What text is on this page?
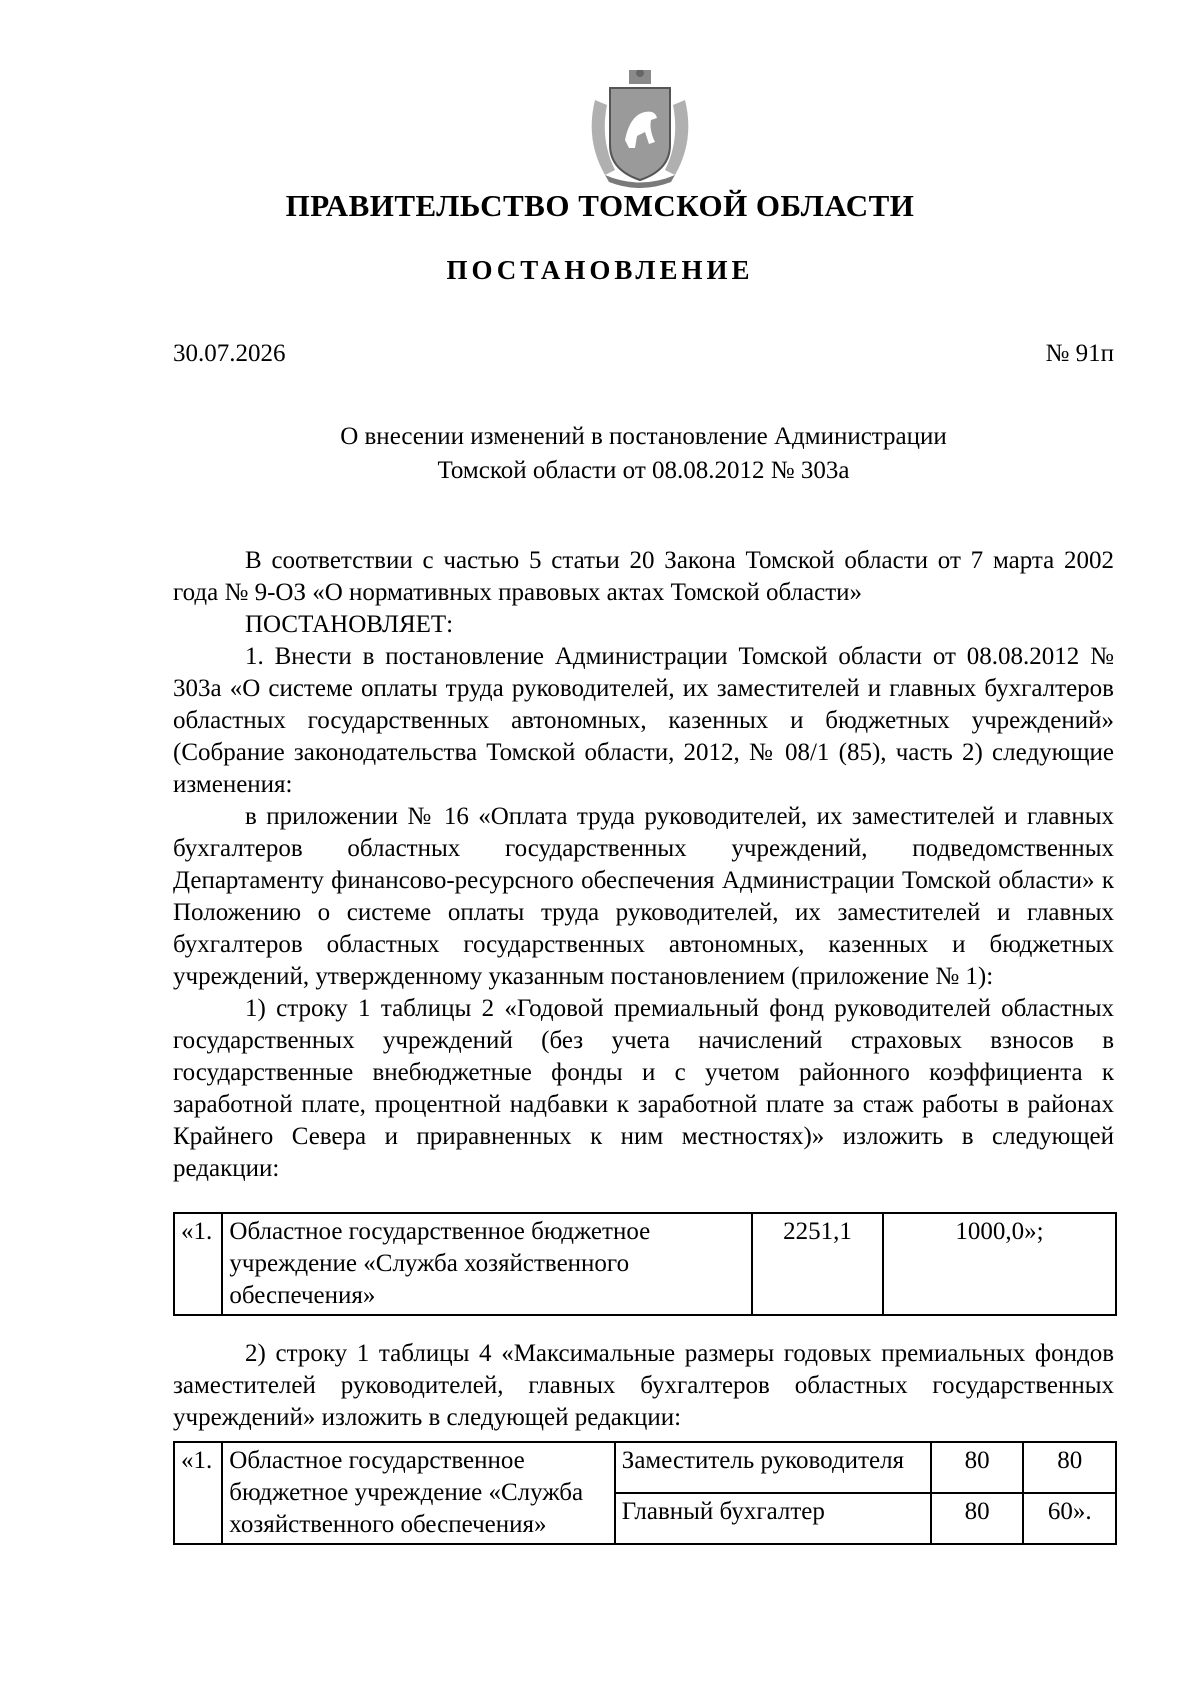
ПРАВИТЕЛЬСТВО ТОМСКОЙ ОБЛАСТИ
ПОСТАНОВЛЕНИЕ
30.07.2026	№ 91п
О внесении изменений в постановление Администрации
Томской области от 08.08.2012 № 303а

В соответствии с частью 5 статьи 20 Закона Томской области от 7 марта 2002 года № 9-ОЗ «О нормативных правовых актах Томской области»

ПОСТАНОВЛЯЕТ:

1. Внести в постановление Администрации Томской области от 08.08.2012 № 303а «О системе оплаты труда руководителей, их заместителей и главных бухгалтеров областных государственных автономных, казенных и бюджетных учреждений» (Собрание законодательства Томской области, 2012, № 08/1 (85), часть 2) следующие изменения:

в приложении № 16 «Оплата труда руководителей, их заместителей и главных бухгалтеров областных государственных учреждений, подведомственных Департаменту финансово-ресурсного обеспечения Администрации Томской области» к Положению о системе оплаты труда руководителей, их заместителей и главных бухгалтеров областных государственных автономных, казенных и бюджетных учреждений, утвержденному указанным постановлением (приложение № 1):

1) строку 1 таблицы 2 «Годовой премиальный фонд руководителей областных государственных учреждений (без учета начислений страховых взносов в государственные внебюджетные фонды и с учетом районного коэффициента к заработной плате, процентной надбавки к заработной плате за стаж работы в районах Крайнего Севера и приравненных к ним местностях)» изложить в следующей редакции:

«1.	Областное государственное бюджетное учреждение «Служба хозяйственного обеспечения»	2251,1	1000,0»;

2) строку 1 таблицы 4 «Максимальные размеры годовых премиальных фондов заместителей руководителей, главных бухгалтеров областных государственных учреждений» изложить в следующей редакции:

«1.	Областное государственное бюджетное учреждение «Служба хозяйственного обеспечения»	Заместитель руководителя	80	80
		Главный бухгалтер	80	60».
